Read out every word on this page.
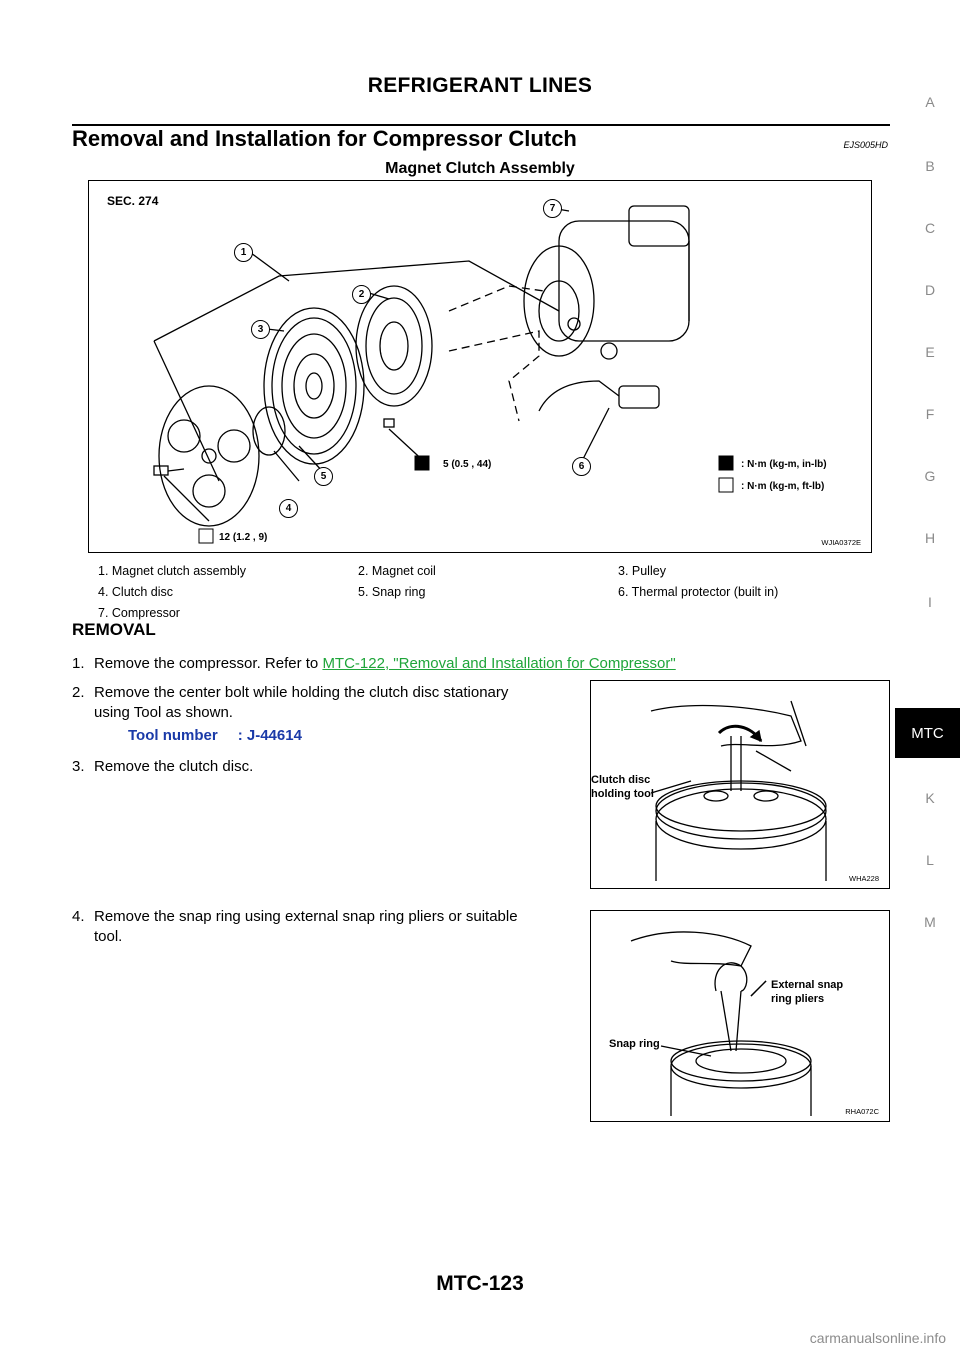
REFRIGERANT LINES
Removal and Installation for Compressor Clutch	EJS005HD
Magnet Clutch Assembly
SEC. 274
5 (0.5 , 44)
12 (1.2 , 9)
: N·m (kg-m, in-lb)
: N·m (kg-m, ft-lb)
WJIA0372E
1
2
3
4
5
6
7
1. Magnet clutch assembly	2. Magnet coil	3. Pulley
4. Clutch disc	5. Snap ring	6. Thermal protector (built in)
7. Compressor
REMOVAL
1. Remove the compressor. Refer to MTC-122, "Removal and Installation for Compressor"
2. Remove the center bolt while holding the clutch disc stationary
using Tool as shown.
Tool number : J-44614
3. Remove the clutch disc.
4. Remove the snap ring using external snap ring pliers or suitable
tool.
Clutch disc
holding tool
WHA228
External snap
ring pliers
Snap ring
RHA072C
A
B
C
D
E
F
G
H
I
K
L
M
MTC
MTC-123
carmanualsonline.info
